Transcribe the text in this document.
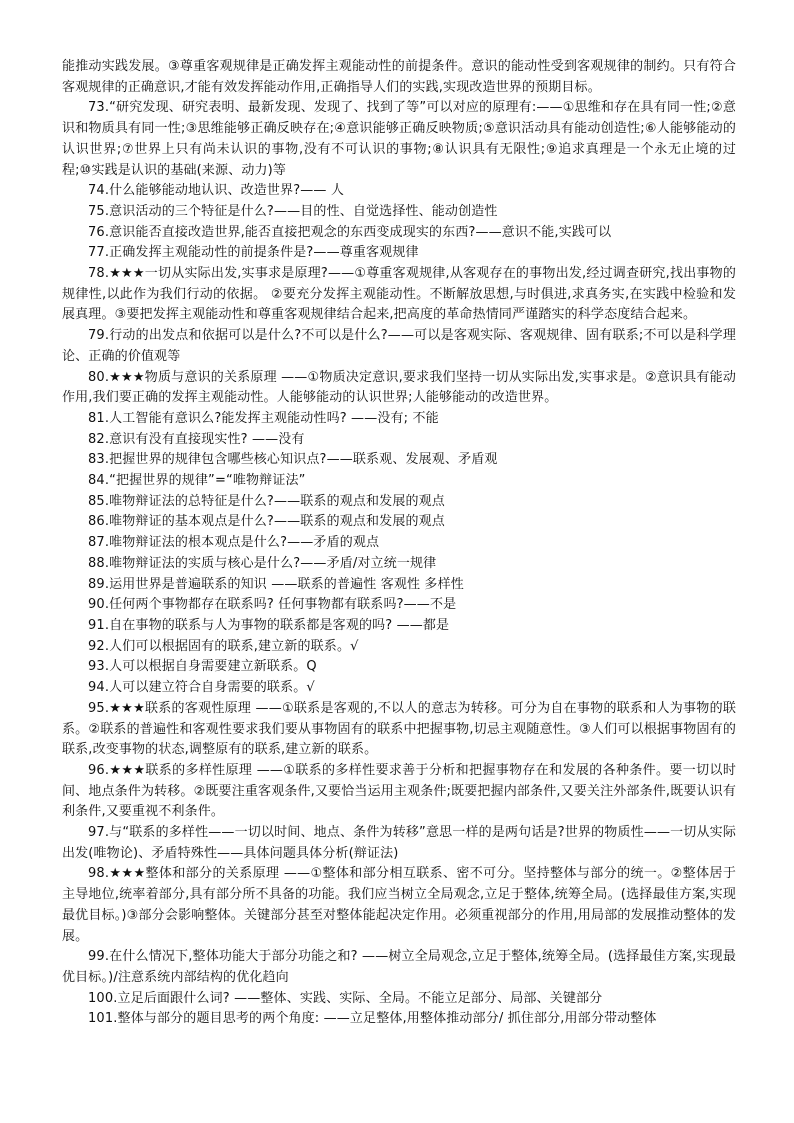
能推动实践发展。③尊重客观规律是正确发挥主观能动性的前提条件。意识的能动性受到客观规律的制约。只有符合客观规律的正确意识,才能有效发挥能动作用,正确指导人们的实践,实现改造世界的预期目标。

73.“研究发现、研究表明、最新发现、发现了、找到了等”可以对应的原理有:——①思维和存在具有同一性;②意识和物质具有同一性;③思维能够正确反映存在;④意识能够正确反映物质;⑤意识活动具有能动创造性;⑥人能够能动的认识世界;⑦世界上只有尚未认识的事物,没有不可认识的事物;⑧认识具有无限性;⑨追求真理是一个永无止境的过程;⑩实践是认识的基础(来源、动力)等

74.什么能够能动地认识、改造世界?—— 人

75.意识活动的三个特征是什么?——目的性、自觉选择性、能动创造性

76.意识能否直接改造世界,能否直接把观念的东西变成现实的东西?——意识不能,实践可以

77.正确发挥主观能动性的前提条件是?——尊重客观规律

78.★★★一切从实际出发,实事求是原理?——①尊重客观规律,从客观存在的事物出发,经过调查研究,找出事物的规律性,以此作为我们行动的依据。 ②要充分发挥主观能动性。不断解放思想,与时俱进,求真务实,在实践中检验和发展真理。③要把发挥主观能动性和尊重客观规律结合起来,把高度的革命热情同严谨踏实的科学态度结合起来。

79.行动的出发点和依据可以是什么?不可以是什么?——可以是客观实际、客观规律、固有联系;不可以是科学理论、正确的价值观等

80.★★★物质与意识的关系原理 ——①物质决定意识,要求我们坚持一切从实际出发,实事求是。②意识具有能动作用,我们要正确的发挥主观能动性。人能够能动的认识世界;人能够能动的改造世界。

81.人工智能有意识么?能发挥主观能动性吗? ——没有; 不能

82.意识有没有直接现实性? ——没有

83.把握世界的规律包含哪些核心知识点?——联系观、发展观、矛盾观

84.“把握世界的规律”=“唯物辩证法”

85.唯物辩证法的总特征是什么?——联系的观点和发展的观点

86.唯物辩证的基本观点是什么?——联系的观点和发展的观点

87.唯物辩证法的根本观点是什么?——矛盾的观点

88.唯物辩证法的实质与核心是什么?——矛盾/对立统一规律

89.运用世界是普遍联系的知识 ——联系的普遍性 客观性 多样性

90.任何两个事物都存在联系吗? 任何事物都有联系吗?——不是

91.自在事物的联系与人为事物的联系都是客观的吗? ——都是

92.人们可以根据固有的联系,建立新的联系。√

93.人可以根据自身需要建立新联系。Q

94.人可以建立符合自身需要的联系。√

95.★★★联系的客观性原理 ——①联系是客观的,不以人的意志为转移。可分为自在事物的联系和人为事物的联系。②联系的普遍性和客观性要求我们要从事物固有的联系中把握事物,切忌主观随意性。③人们可以根据事物固有的联系,改变事物的状态,调整原有的联系,建立新的联系。

96.★★★联系的多样性原理 ——①联系的多样性要求善于分析和把握事物存在和发展的各种条件。要一切以时间、地点条件为转移。②既要注重客观条件,又要恰当运用主观条件;既要把握内部条件,又要关注外部条件,既要认识有利条件,又要重视不利条件。

97.与“联系的多样性——一切以时间、地点、条件为转移”意思一样的是两句话是?世界的物质性——一切从实际出发(唯物论)、矛盾特殊性——具体问题具体分析(辩证法)

98.★★★整体和部分的关系原理 ——①整体和部分相互联系、密不可分。坚持整体与部分的统一。②整体居于主导地位,统率着部分,具有部分所不具备的功能。我们应当树立全局观念,立足于整体,统筹全局。(选择最佳方案,实现最优目标。)③部分会影响整体。关键部分甚至对整体能起决定作用。必须重视部分的作用,用局部的发展推动整体的发展。

99.在什么情况下,整体功能大于部分功能之和? ——树立全局观念,立足于整体,统筹全局。(选择最佳方案,实现最优目标。)/注意系统内部结构的优化趋向

100.立足后面跟什么词? ——整体、实践、实际、全局。不能立足部分、局部、关键部分

101.整体与部分的题目思考的两个角度: ——立足整体,用整体推动部分/ 抓住部分,用部分带动整体
